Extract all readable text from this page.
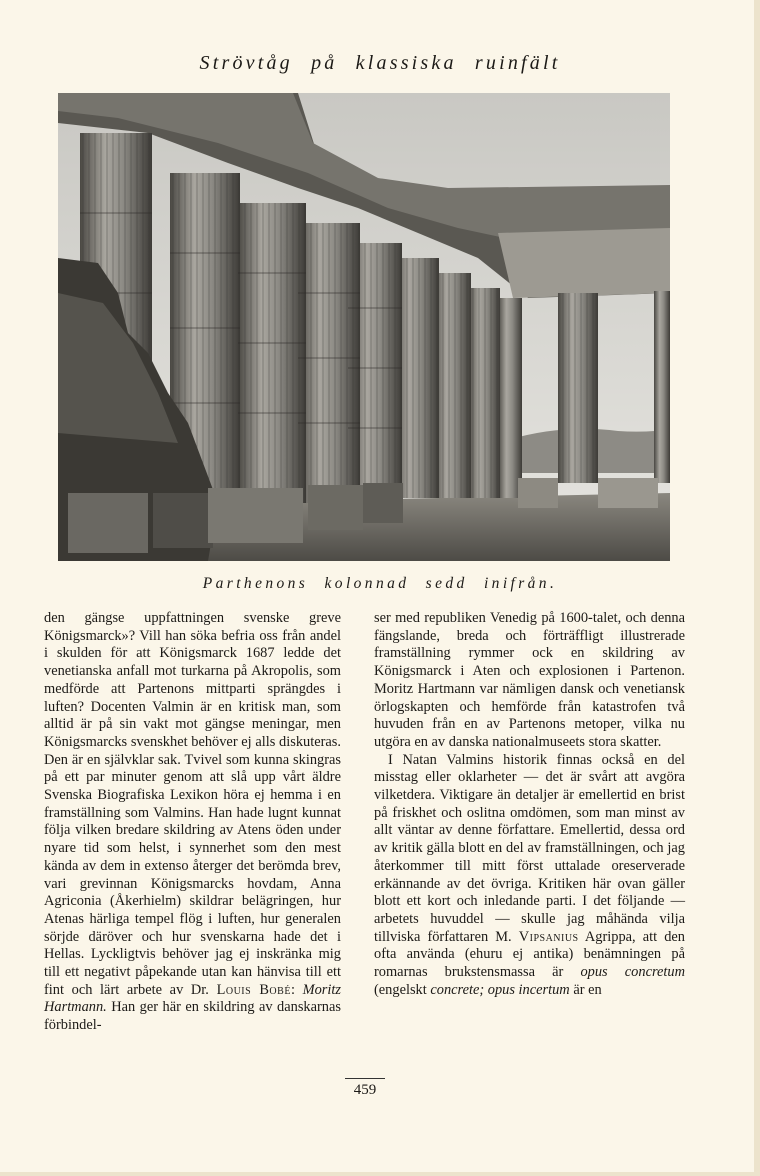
Strövtåg på klassiska ruinfält
Parthenons kolonnad sedd inifrån.

den gängse uppfattningen svenske greve Königsmarck»? Vill han söka befria oss från andel i skulden för att Königsmarck 1687 ledde det venetianska anfall mot turkarna på Akropolis, som medförde att Partenons mittparti sprängdes i luften? Docenten Valmin är en kritisk man, som alltid är på sin vakt mot gängse meningar, men Königsmarcks svenskhet behöver ej alls diskuteras. Den är en självklar sak. Tvivel som kunna skingras på ett par minuter genom att slå upp vårt äldre Svenska Biografiska Lexikon höra ej hemma i en framställning som Valmins. Han hade lugnt kunnat följa vilken bredare skildring av Atens öden under nyare tid som helst, i synnerhet som den mest kända av dem in extenso återger det berömda brev, vari grevinnan Königsmarcks hovdam, Anna Agriconia (Åkerhielm) skildrar belägringen, hur Atenas härliga tempel flög i luften, hur generalen sörjde däröver och hur svenskarna hade det i Hellas. Lyckligtvis behöver jag ej inskränka mig till ett negativt påpekande utan kan hänvisa till ett fint och lärt arbete av Dr. Louis Bobé: Moritz Hartmann. Han ger här en skildring av danskarnas förbindel-

ser med republiken Venedig på 1600-talet, och denna fängslande, breda och förträffligt illustrerade framställning rymmer ock en skildring av Königsmarck i Aten och explosionen i Partenon. Moritz Hartmann var nämligen dansk och venetiansk örlogskapten och hemförde från katastrofen två huvuden från en av Partenons metoper, vilka nu utgöra en av danska nationalmuseets stora skatter.

I Natan Valmins historik finnas också en del misstag eller oklarheter — det är svårt att avgöra vilketdera. Viktigare än detaljer är emellertid en brist på friskhet och oslitna omdömen, som man minst av allt väntar av denne författare. Emellertid, dessa ord av kritik gälla blott en del av framställningen, och jag återkommer till mitt först uttalade oreserverade erkännande av det övriga. Kritiken här ovan gäller blott ett kort och inledande parti. I det följande — arbetets huvuddel — skulle jag måhända vilja tillviska författaren M. Vipsanius Agrippa, att den ofta använda (ehuru ej antika) benämningen på romarnas brukstensmassa är opus concretum (engelskt concrete; opus incertum är en

459
